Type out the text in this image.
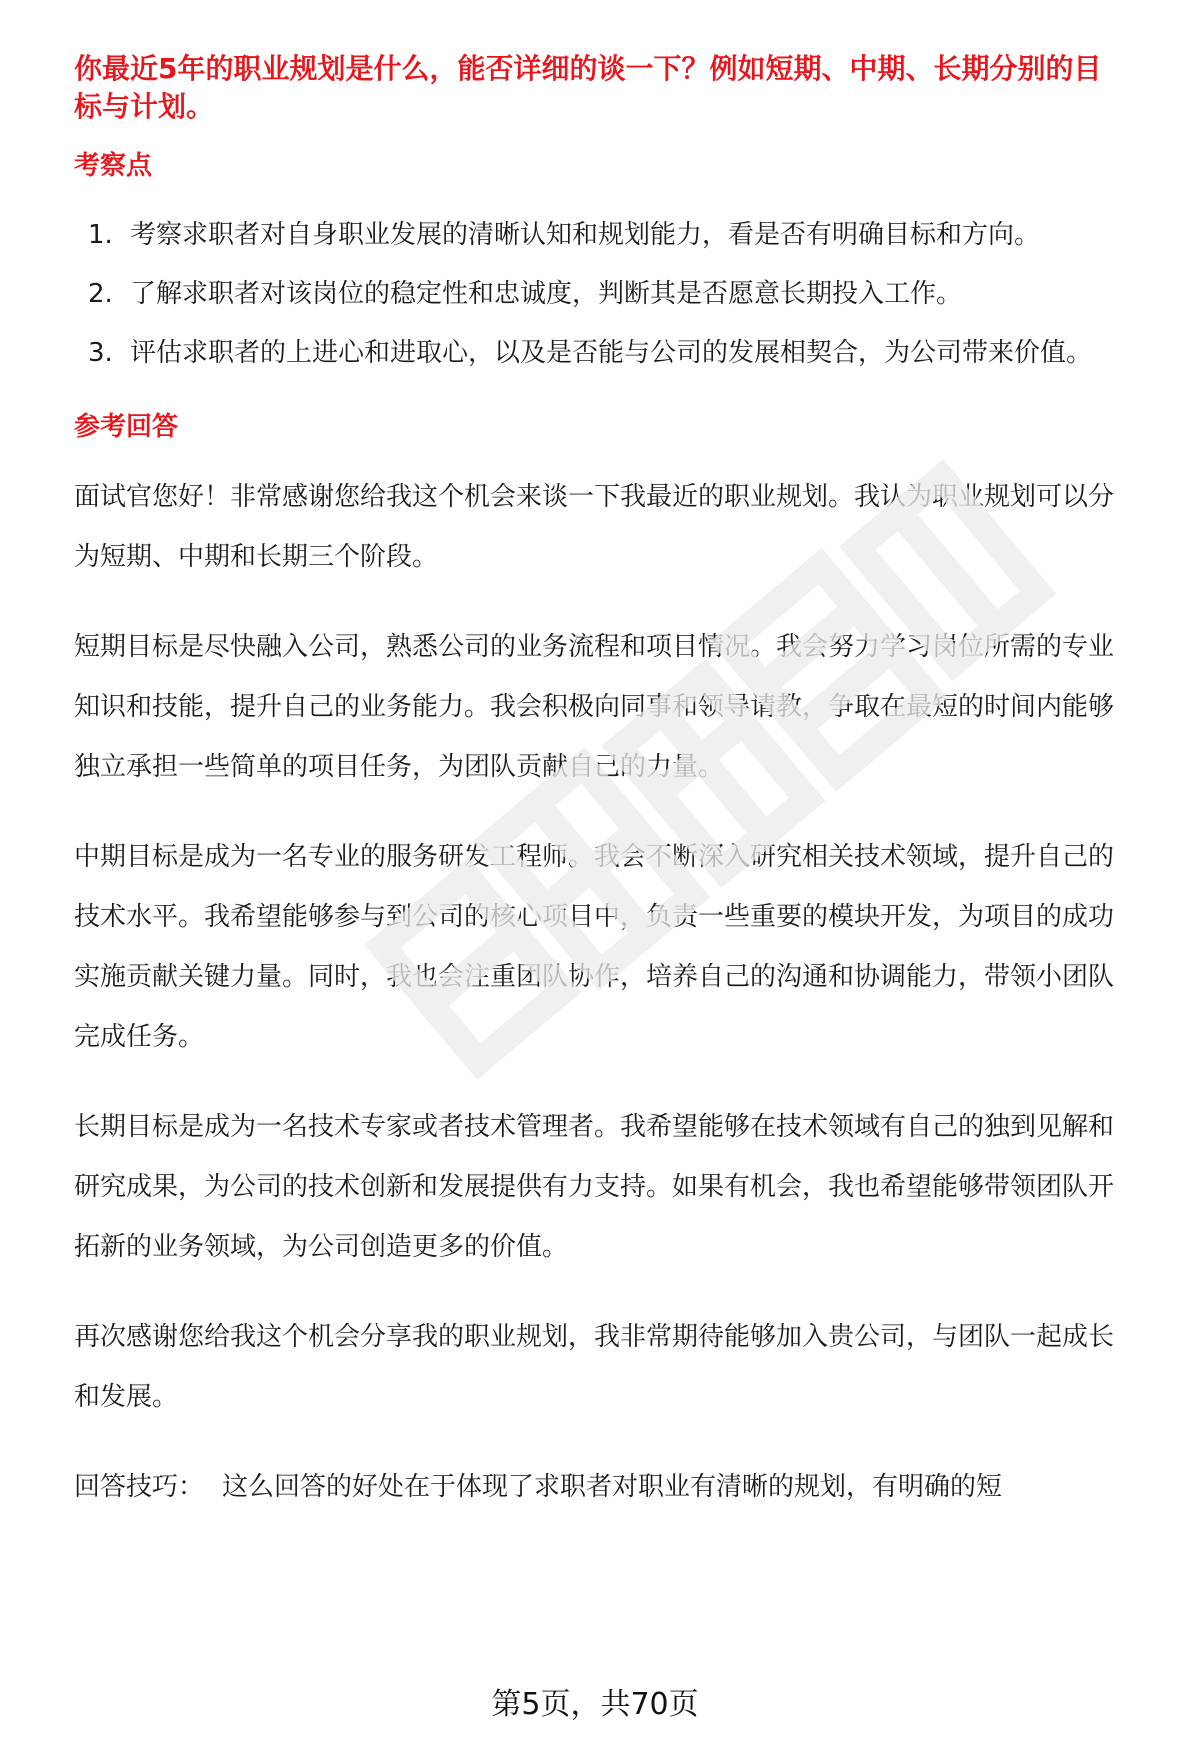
你最近5年的职业规划是什么，能否详细的谈一下？例如短期、中期、长期分别的目标与计划。
考察点
1. 考察求职者对自身职业发展的清晰认知和规划能力，看是否有明确目标和方向。
2. 了解求职者对该岗位的稳定性和忠诚度，判断其是否愿意长期投入工作。
3. 评估求职者的上进心和进取心，以及是否能与公司的发展相契合，为公司带来价值。
参考回答

面试官您好！非常感谢您给我这个机会来谈一下我最近的职业规划。我认为职业规划可以分为短期、中期和长期三个阶段。

短期目标是尽快融入公司，熟悉公司的业务流程和项目情况。我会努力学习岗位所需的专业知识和技能，提升自己的业务能力。我会积极向同事和领导请教，争取在最短的时间内能够独立承担一些简单的项目任务，为团队贡献自己的力量。

中期目标是成为一名专业的服务研发工程师。我会不断深入研究相关技术领域，提升自己的技术水平。我希望能够参与到公司的核心项目中，负责一些重要的模块开发，为项目的成功实施贡献关键力量。同时，我也会注重团队协作，培养自己的沟通和协调能力，带领小团队完成任务。

长期目标是成为一名技术专家或者技术管理者。我希望能够在技术领域有自己的独到见解和研究成果，为公司的技术创新和发展提供有力支持。如果有机会，我也希望能够带领团队开拓新的业务领域，为公司创造更多的价值。

再次感谢您给我这个机会分享我的职业规划，我非常期待能够加入贵公司，与团队一起成长和发展。

回答技巧： 这么回答的好处在于体现了求职者对职业有清晰的规划，有明确的短
第5页，共70页
